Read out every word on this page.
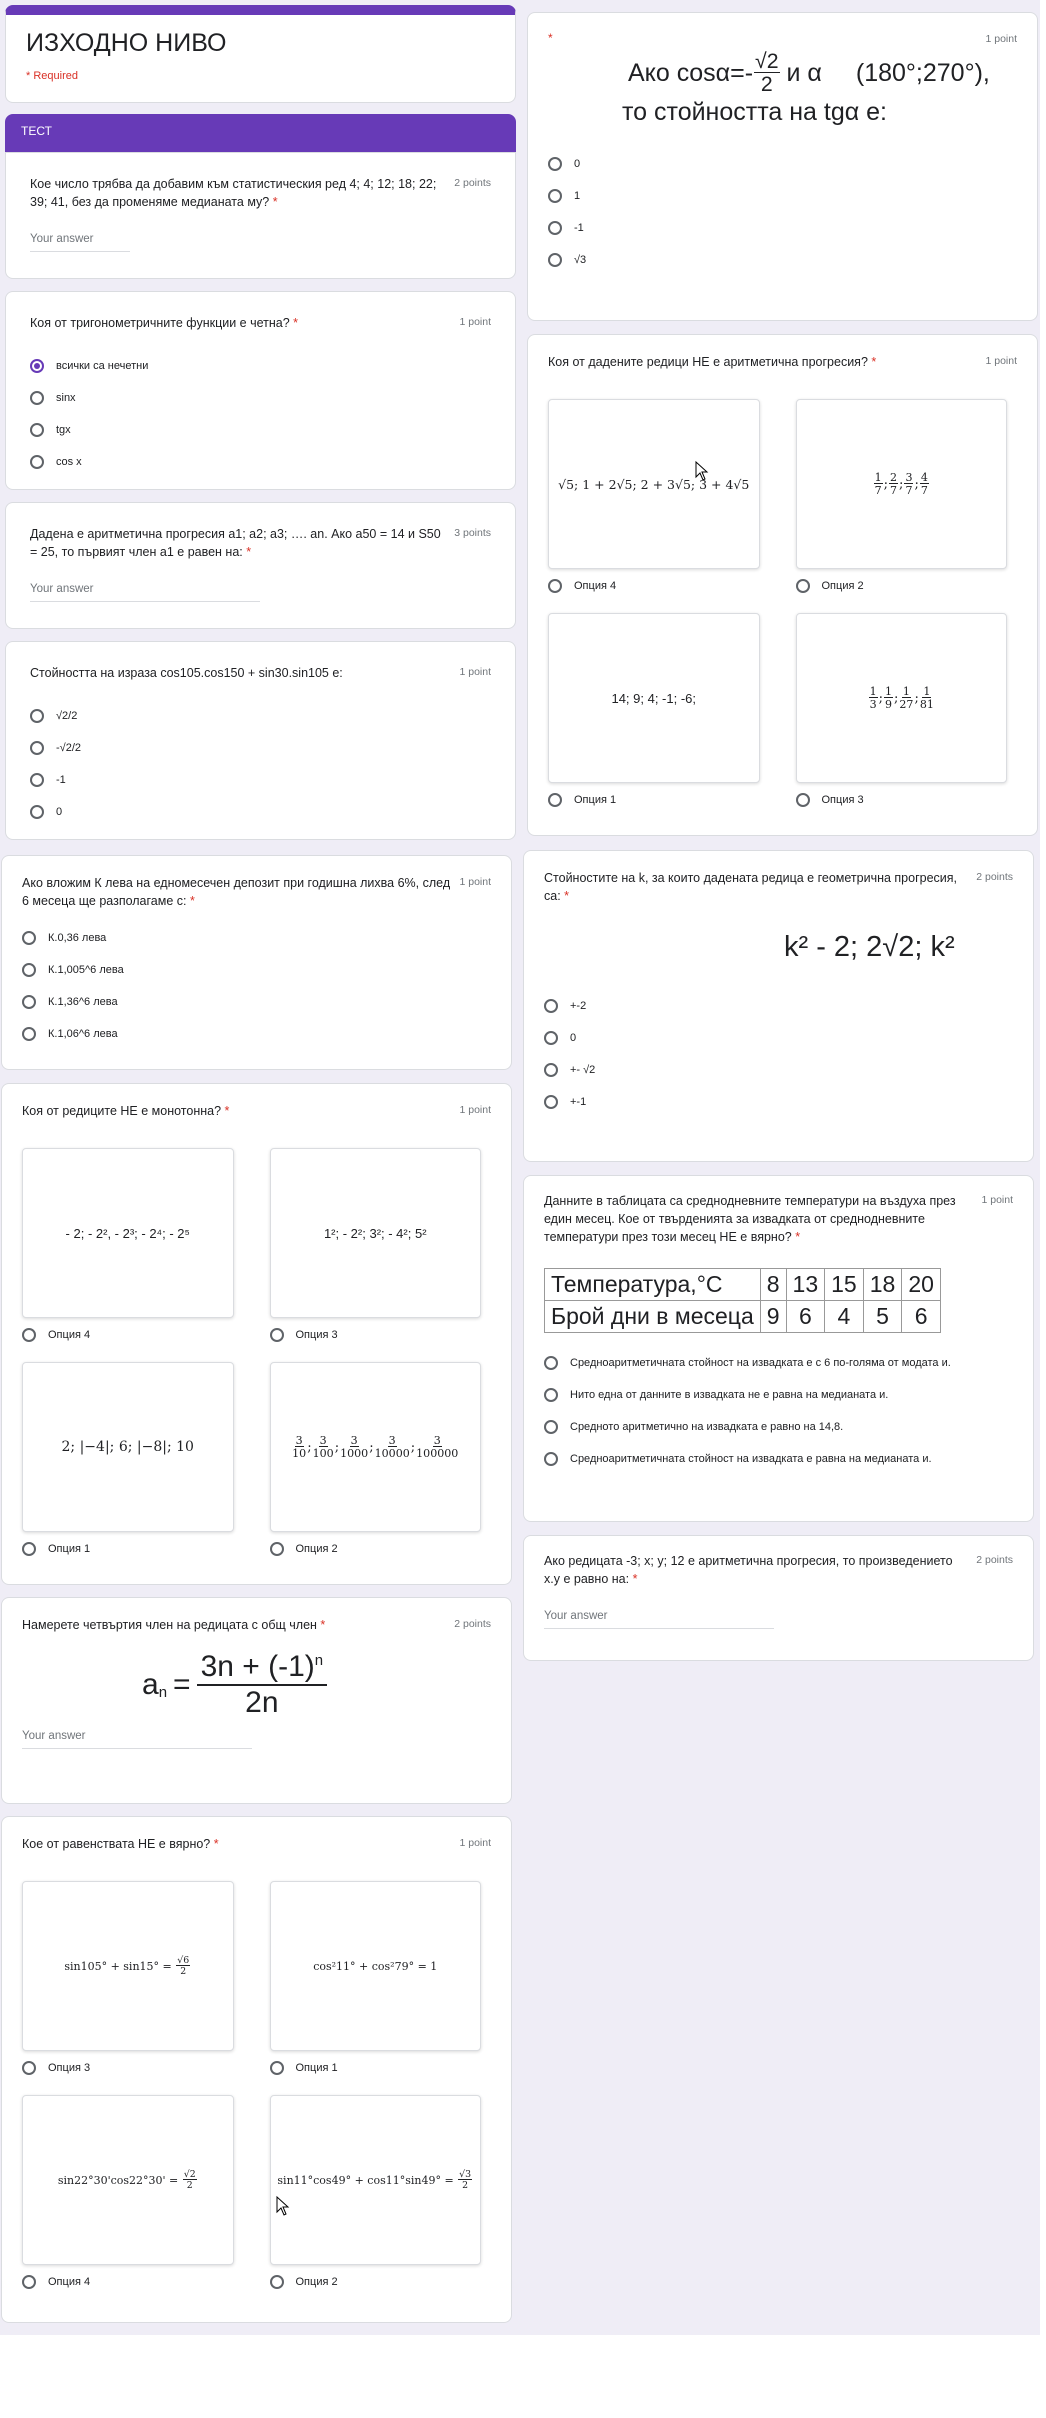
ИЗХОДНО НИВО
* Required
ТЕСТ
Кое число трябва да добавим към статистическия ред 4; 4; 12; 18; 22; 39; 41, без да променяме медианата му? *
2 points
Your answer
Коя от тригонометричните функции е четна? *	1 point
всички са нечетни
sinx
tgx
cos x
Дадена е аритметична прогресия a1; a2; a3; …. an. Ако a50 = 14 и S50 = 25, то първият член a1 е равен на: *
3 points
Your answer
Стойността на израза cos105.cos150 + sin30.sin105 е:	1 point
√2/2
-√2/2
-1
0
Ако вложим К лева на едномесечен депозит при годишна лихва 6%, след 6 месеца ще разполагаме с: *
1 point
К.0,36 лева
К.1,005^6 лева
К.1,36^6 лева
К.1,06^6 лева
Коя от редиците НЕ е монотонна? *	1 point
- 2; - 2², - 2³; - 2⁴; - 2⁵
Опция 4
1²; - 2²; 3²; - 4²; 5²
Опция 3
2; |−4|; 6; |−8|; 10
Опция 1
$\frac{3}{10}$ ; $\frac{3}{100}$ ; $\frac{3}{1000}$ ; $\frac{3}{10000}$ ; $\frac{3}{100000}$
Опция 2
Намерете четвъртия член на редицата с общ член *	2 points
a $n = \frac{3n + (-1)^n}{2n}$
Your answer
Кое от равенствата НЕ е вярно? *	1 point
sin105° + sin15° =
$\frac{√6}{2}$
Опция 3
cos²11° + cos²79° = 1
Опция 1
sin22°30'cos22°30' =
$\frac{√2}{2}$
Опция 4
sin11°cos49° + cos11°sin49° =
$\frac{√3}{2}$
Опция 2
*	1 point
Ако $\cos\alpha=- \frac{√2}{2}$ и α (180°;270°),
то стойността на tgα е:
0
1
-1
√3
Коя от дадените редици НЕ е аритметична прогресия? *	1 point
√5; 1 + 2√5; 2 + 3√5; 3 + 4√5
Опция 4
$\frac{1}{7}$ ; $\frac{2}{7}$ ; $\frac{3}{7}$ ; $\frac{4}{7}$
Опция 2
14; 9; 4; -1; -6;
Опция 1
$\frac{1}{3}$ ; $\frac{1}{9}$ ; $\frac{1}{27}$ ; $\frac{1}{81}$
Опция 3
Стойностите на k, за които дадената редица е геометрична прогресия, са: *
2 points
k² - 2; 2√2; k²
+-2
0
+- √2
+-1
Данните в таблицата са средноднeвните температури на въздуха през един месец. Кое от твърденията за извадката от средноднeвните температури през този месец НЕ е вярно? *
1 point
Температура,°С	8	13	15	18	20
Брой дни в месеца	9	6	4	5	6
Средноаритметичната стойност на извадката е с 6 по-голяма от модата и.
Нито една от данните в извадката не е равна на медианата и.
Средното аритметично на извадката е равно на 14,8.
Средноаритметичната стойност на извадката е равна на медианата и.
Ако редицата -3; x; y; 12 е аритметична прогресия, то произведението x.y е равно на: *
2 points
Your answer
